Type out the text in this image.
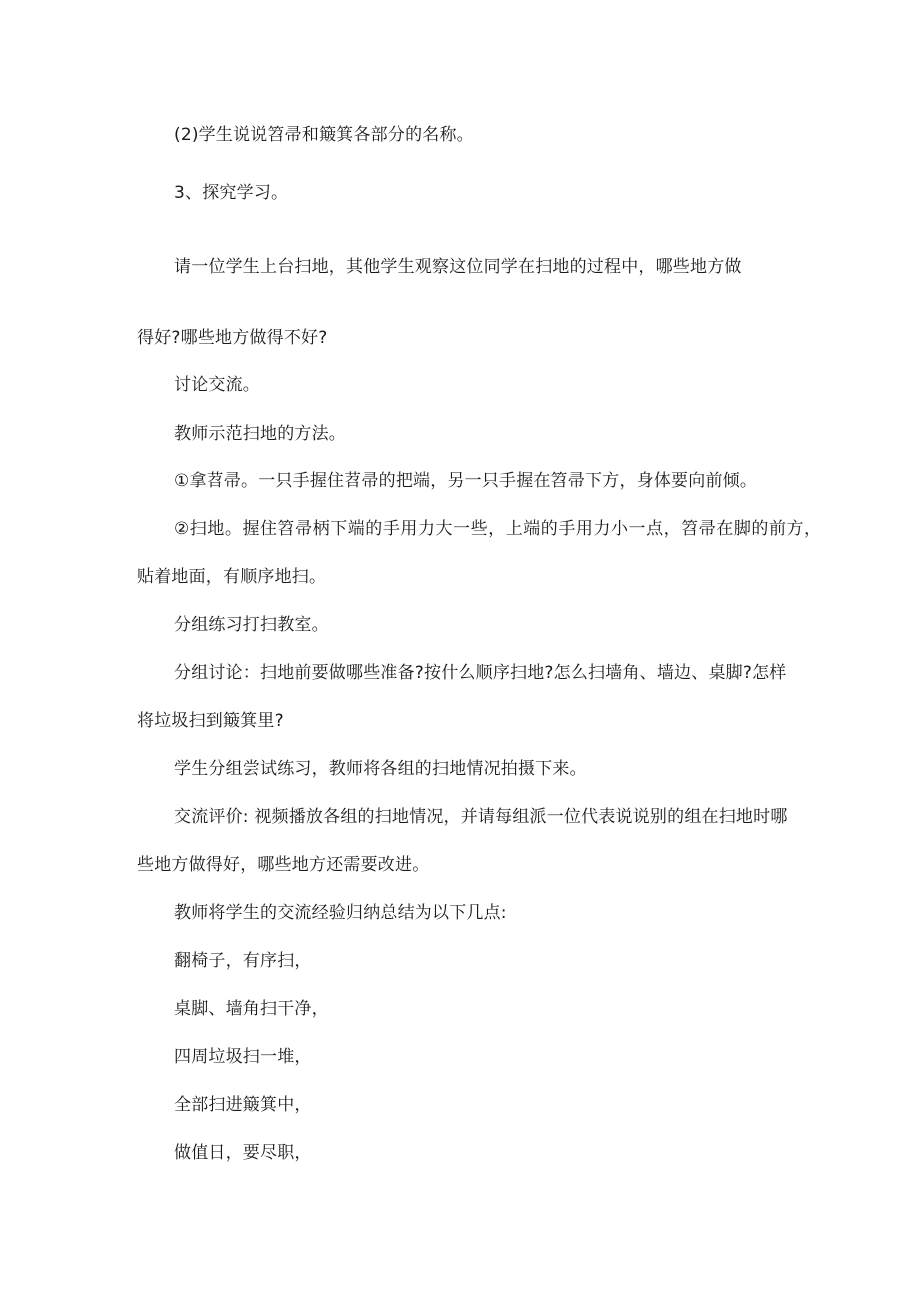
(2)学生说说笤帚和簸箕各部分的名称。
3、探究学习。
请一位学生上台扫地，其他学生观察这位同学在扫地的过程中，哪些地方做
得好?哪些地方做得不好?
讨论交流。
教师示范扫地的方法。
①拿苕帚。一只手握住苕帚的把端，另一只手握在笤帚下方，身体要向前倾。
②扫地。握住笤帚柄下端的手用力大一些，上端的手用力小一点，笤帚在脚的前方，
贴着地面，有顺序地扫。
分组练习打扫教室。
分组讨论：扫地前要做哪些准备?按什么顺序扫地?怎么扫墙角、墙边、桌脚?怎样
将垃圾扫到簸箕里?
学生分组尝试练习，教师将各组的扫地情况拍摄下来。
交流评价: 视频播放各组的扫地情况，并请每组派一位代表说说别的组在扫地时哪
些地方做得好，哪些地方还需要改进。
教师将学生的交流经验归纳总结为以下几点:
翻椅子，有序扫，
桌脚、墙角扫干净，
四周垃圾扫一堆，
全部扫进簸箕中，
做值日，要尽职，
